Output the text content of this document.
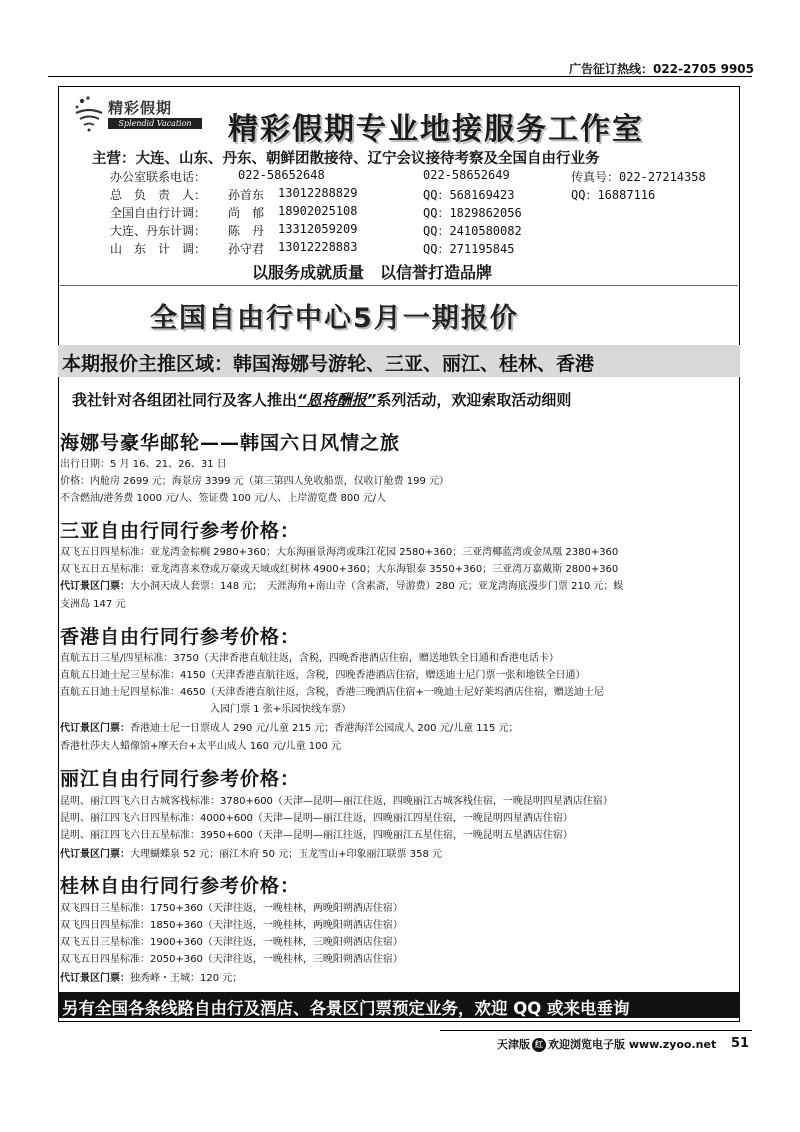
广告征订热线：022-2705 9905
精彩假期
Splendid Vacation	精彩假期专业地接服务工作室
主营：大连、山东、丹东、朝鲜团散接待、辽宁会议接待考察及全国自由行业务
办公室联系电话：	022-58652648	022-58652649	传真号：022-27214358
总　负　责　人： 孙首东 13012288829	QQ：568169423	QQ：16887116
全国自由行计调： 尚　郁 18902025108	QQ：1829862056
大连、丹东计调： 陈　丹 13312059209	QQ：2410580082
山　东　计　调： 孙守君 13012228883	QQ：271195845
以服务成就质量　以信誉打造品牌
全国自由行中心5月一期报价
本期报价主推区域：韩国海娜号游轮、三亚、丽江、桂林、香港
我社针对各组团社同行及客人推出“恩将酬报”系列活动，欢迎索取活动细则
海娜号豪华邮轮——韩国六日风情之旅
出行日期：5 月 16、21、26、31 日
价格：内舱房 2699 元；海景房 3399 元（第三第四人免收船票，仅收订舱费 199 元）
不含燃油/港务费 1000 元/人、签证费 100 元/人、上岸游览费 800 元/人
三亚自由行同行参考价格：
双飞五日四星标准：亚龙湾金棕榈 2980+360；大东海丽景海湾或珠江花园 2580+360；三亚湾椰蓝湾或金凤凰 2380+360
双飞五日五星标准：亚龙湾喜来登或万豪或天域或红树林 4900+360；大东海银泰 3550+360；三亚湾万嘉戴斯 2800+360
代订景区门票：大小洞天成人套票：148 元；　天涯海角+南山寺（含素斋，导游费）280 元；亚龙湾海底漫步门票 210 元；蜈
支洲岛 147 元
香港自由行同行参考价格：
直航五日三星/四星标准：3750（天津香港直航往返，含税，四晚香港酒店住宿，赠送地铁全日通和香港电话卡）
直航五日迪士尼三星标准：4150（天津香港直航往返，含税，四晚香港酒店住宿，赠送迪士尼门票一张和地铁全日通）
直航五日迪士尼四星标准：4650（天津香港直航往返，含税，香港三晚酒店住宿+一晚迪士尼好莱坞酒店住宿，赠送迪士尼
入园门票 1 张+乐园快线车票）
代订景区门票：香港迪士尼一日票成人 290 元/儿童 215 元；香港海洋公园成人 200 元/儿童 115 元；
香港杜莎夫人蜡像馆+摩天台+太平山成人 160 元/儿童 100 元
丽江自由行同行参考价格：
昆明、丽江四飞六日古城客栈标准：3780+600（天津—昆明—丽江往返，四晚丽江古城客栈住宿，一晚昆明四星酒店住宿）
昆明、丽江四飞六日四星标准：4000+600（天津—昆明—丽江往返，四晚丽江四星住宿，一晚昆明四星酒店住宿）
昆明、丽江四飞六日五星标准：3950+600（天津—昆明—丽江往返，四晚丽江五星住宿，一晚昆明五星酒店住宿）
代订景区门票：大理蝴蝶泉 52 元；丽江木府 50 元；玉龙雪山+印象丽江联票 358 元
桂林自由行同行参考价格：
双飞四日三星标准：1750+360（天津往返，一晚桂林，两晚阳朔酒店住宿）
双飞四日四星标准：1850+360（天津往返，一晚桂林，两晚阳朔酒店住宿）
双飞五日三星标准：1900+360（天津往返，一晚桂林，三晚阳朔酒店住宿）
双飞五日四星标准：2050+360（天津往返，一晚桂林，三晚阳朔酒店住宿）
代订景区门票：独秀峰・王城：120 元；
另有全国各条线路自由行及酒店、各景区门票预定业务，欢迎 QQ 或来电垂询
天津版 红 欢迎浏览电子版 www.zyoo.net 51
